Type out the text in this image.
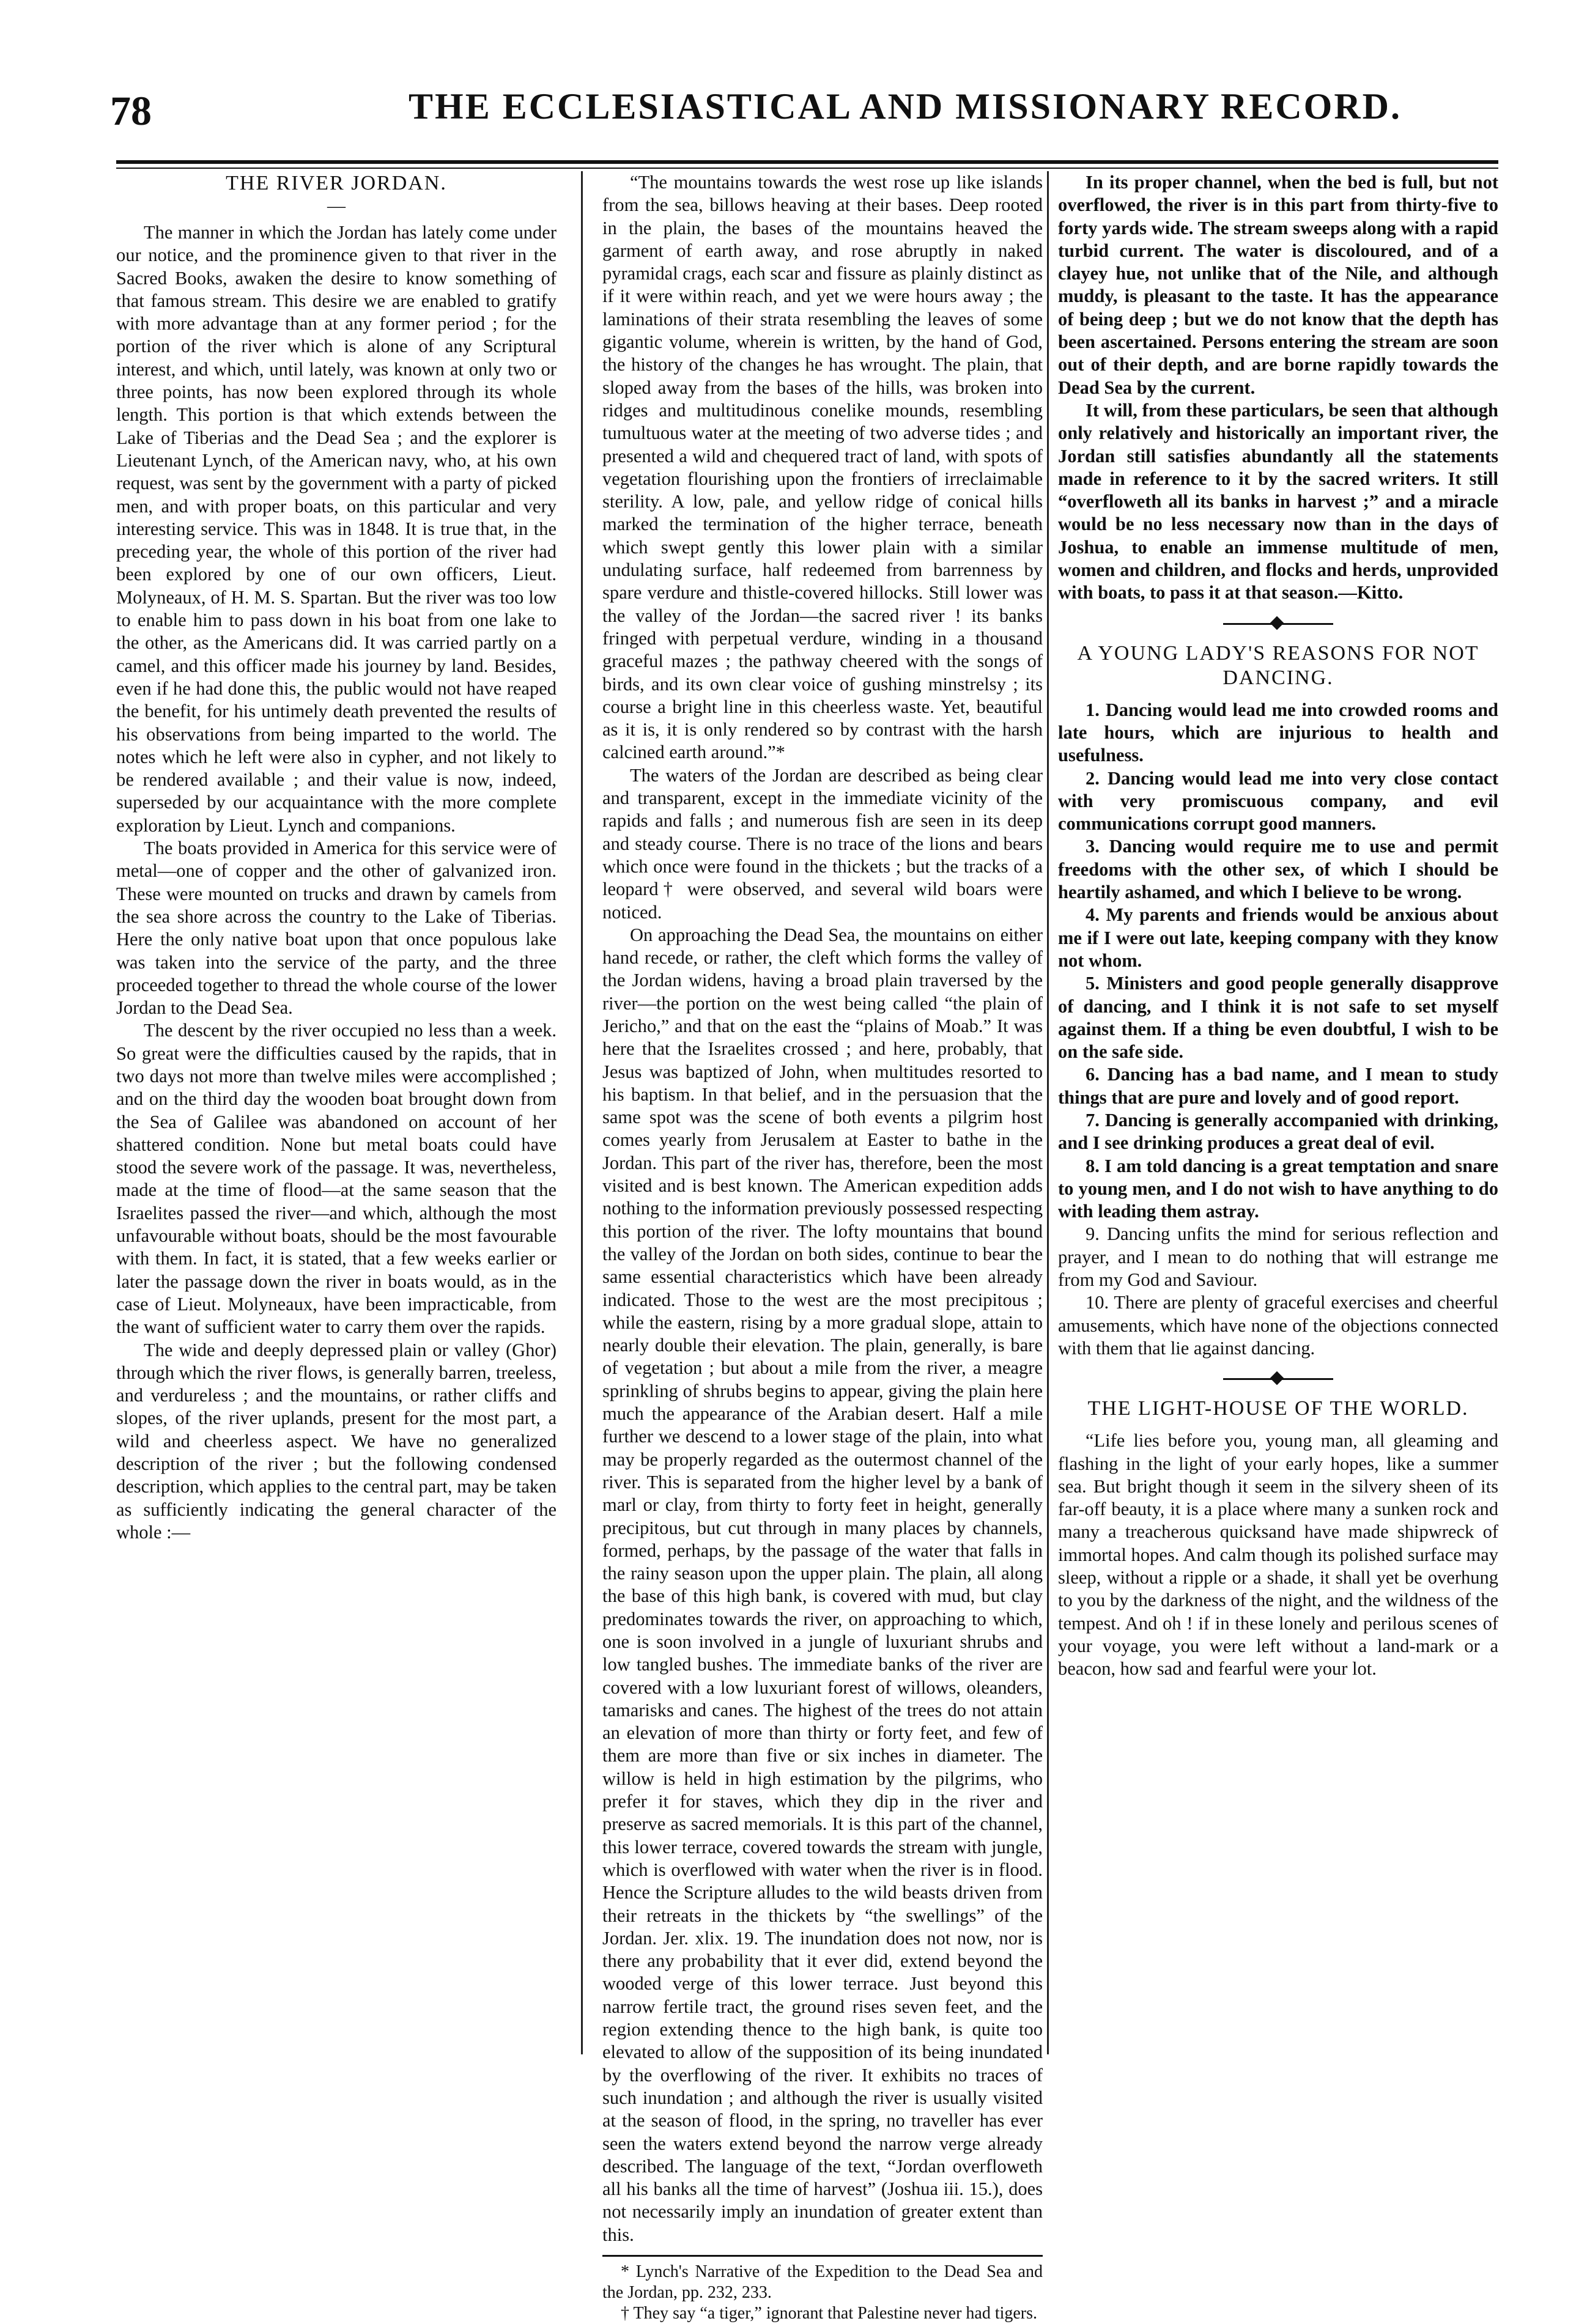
78	THE ECCLESIASTICAL AND MISSIONARY RECORD.
THE RIVER JORDAN.
—

The manner in which the Jordan has lately come under our notice, and the prominence given to that river in the Sacred Books, awaken the desire to know something of that famous stream. This desire we are enabled to gratify with more advantage than at any former period ; for the portion of the river which is alone of any Scriptural interest, and which, until lately, was known at only two or three points, has now been explored through its whole length. This portion is that which extends between the Lake of Tiberias and the Dead Sea ; and the explorer is Lieutenant Lynch, of the American navy, who, at his own request, was sent by the government with a party of picked men, and with proper boats, on this particular and very interesting service. This was in 1848. It is true that, in the preceding year, the whole of this portion of the river had been explored by one of our own officers, Lieut. Molyneaux, of H. M. S. Spartan. But the river was too low to enable him to pass down in his boat from one lake to the other, as the Americans did. It was carried partly on a camel, and this officer made his journey by land. Besides, even if he had done this, the public would not have reaped the benefit, for his untimely death prevented the results of his observations from being imparted to the world. The notes which he left were also in cypher, and not likely to be rendered available ; and their value is now, indeed, superseded by our acquaintance with the more complete exploration by Lieut. Lynch and companions.

The boats provided in America for this service were of metal—one of copper and the other of galvanized iron. These were mounted on trucks and drawn by camels from the sea shore across the country to the Lake of Tiberias. Here the only native boat upon that once populous lake was taken into the service of the party, and the three proceeded together to thread the whole course of the lower Jordan to the Dead Sea.

The descent by the river occupied no less than a week. So great were the difficulties caused by the rapids, that in two days not more than twelve miles were accomplished ; and on the third day the wooden boat brought down from the Sea of Galilee was abandoned on account of her shattered condition. None but metal boats could have stood the severe work of the passage. It was, nevertheless, made at the time of flood—at the same season that the Israelites passed the river—and which, although the most unfavourable without boats, should be the most favourable with them. In fact, it is stated, that a few weeks earlier or later the passage down the river in boats would, as in the case of Lieut. Molyneaux, have been impracticable, from the want of sufficient water to carry them over the rapids.

The wide and deeply depressed plain or valley (Ghor) through which the river flows, is generally barren, treeless, and verdureless ; and the mountains, or rather cliffs and slopes, of the river uplands, present for the most part, a wild and cheerless aspect. We have no generalized description of the river ; but the following condensed description, which applies to the central part, may be taken as sufficiently indicating the general character of the whole :—

“The mountains towards the west rose up like islands from the sea, billows heaving at their bases. Deep rooted in the plain, the bases of the mountains heaved the garment of earth away, and rose abruptly in naked pyramidal crags, each scar and fissure as plainly distinct as if it were within reach, and yet we were hours away ; the laminations of their strata resembling the leaves of some gigantic volume, wherein is written, by the hand of God, the history of the changes he has wrought. The plain, that sloped away from the bases of the hills, was broken into ridges and multitudinous conelike mounds, resembling tumultuous water at the meeting of two adverse tides ; and presented a wild and chequered tract of land, with spots of vegetation flourishing upon the frontiers of irreclaimable sterility. A low, pale, and yellow ridge of conical hills marked the termination of the higher terrace, beneath which swept gently this lower plain with a similar undulating surface, half redeemed from barrenness by spare verdure and thistle-covered hillocks. Still lower was the valley of the Jordan—the sacred river ! its banks fringed with perpetual verdure, winding in a thousand graceful mazes ; the pathway cheered with the songs of birds, and its own clear voice of gushing minstrelsy ; its course a bright line in this cheerless waste. Yet, beautiful as it is, it is only rendered so by contrast with the harsh calcined earth around.”*

The waters of the Jordan are described as being clear and transparent, except in the immediate vicinity of the rapids and falls ; and numerous fish are seen in its deep and steady course. There is no trace of the lions and bears which once were found in the thickets ; but the tracks of a leopard† were observed, and several wild boars were noticed.

On approaching the Dead Sea, the mountains on either hand recede, or rather, the cleft which forms the valley of the Jordan widens, having a broad plain traversed by the river—the portion on the west being called “the plain of Jericho,” and that on the east the “plains of Moab.” It was here that the Israelites crossed ; and here, probably, that Jesus was baptized of John, when multitudes resorted to his baptism. In that belief, and in the persuasion that the same spot was the scene of both events a pilgrim host comes yearly from Jerusalem at Easter to bathe in the Jordan. This part of the river has, therefore, been the most visited and is best known. The American expedition adds nothing to the information previously possessed respecting this portion of the river. The lofty mountains that bound the valley of the Jordan on both sides, continue to bear the same essential characteristics which have been already indicated. Those to the west are the most precipitous ; while the eastern, rising by a more gradual slope, attain to nearly double their elevation. The plain, generally, is bare of vegetation ; but about a mile from the river, a meagre sprinkling of shrubs begins to appear, giving the plain here much the appearance of the Arabian desert. Half a mile further we descend to a lower stage of the plain, into what may be properly regarded as the outermost channel of the river. This is separated from the higher level by a bank of marl or clay, from thirty to forty feet in height, generally precipitous, but cut through in many places by channels, formed, perhaps, by the passage of the water that falls in the rainy season upon the upper plain. The plain, all along the base of this high bank, is covered with mud, but clay predominates towards the river, on approaching to which, one is soon involved in a jungle of luxuriant shrubs and low tangled bushes. The immediate banks of the river are covered with a low luxuriant forest of willows, oleanders, tamarisks and canes. The highest of the trees do not attain an elevation of more than thirty or forty feet, and few of them are more than five or six inches in diameter. The willow is held in high estimation by the pilgrims, who prefer it for staves, which they dip in the river and preserve as sacred memorials. It is this part of the channel, this lower terrace, covered towards the stream with jungle, which is overflowed with water when the river is in flood. Hence the Scripture alludes to the wild beasts driven from their retreats in the thickets by “the swellings” of the Jordan. Jer. xlix. 19. The inundation does not now, nor is there any probability that it ever did, extend beyond the wooded verge of this lower terrace. Just beyond this narrow fertile tract, the ground rises seven feet, and the region extending thence to the high bank, is quite too elevated to allow of the supposition of its being inundated by the overflowing of the river. It exhibits no traces of such inundation ; and although the river is usually visited at the season of flood, in the spring, no traveller has ever seen the waters extend beyond the narrow verge already described. The language of the text, “Jordan overfloweth all his banks all the time of harvest” (Joshua iii. 15.), does not necessarily imply an inundation of greater extent than this.

* Lynch's Narrative of the Expedition to the Dead Sea and the Jordan, pp. 232, 233.

† They say “a tiger,” ignorant that Palestine never had tigers.

In its proper channel, when the bed is full, but not overflowed, the river is in this part from thirty-five to forty yards wide. The stream sweeps along with a rapid turbid current. The water is discoloured, and of a clayey hue, not unlike that of the Nile, and although muddy, is pleasant to the taste. It has the appearance of being deep ; but we do not know that the depth has been ascertained. Persons entering the stream are soon out of their depth, and are borne rapidly towards the Dead Sea by the current.

It will, from these particulars, be seen that although only relatively and historically an important river, the Jordan still satisfies abundantly all the statements made in reference to it by the sacred writers. It still “overfloweth all its banks in harvest ;” and a miracle would be no less necessary now than in the days of Joshua, to enable an immense multitude of men, women and children, and flocks and herds, unprovided with boats, to pass it at that season.—Kitto.

A YOUNG LADY'S REASONS FOR NOT DANCING.

1. Dancing would lead me into crowded rooms and late hours, which are injurious to health and usefulness.

2. Dancing would lead me into very close contact with very promiscuous company, and evil communications corrupt good manners.

3. Dancing would require me to use and permit freedoms with the other sex, of which I should be heartily ashamed, and which I believe to be wrong.

4. My parents and friends would be anxious about me if I were out late, keeping company with they know not whom.

5. Ministers and good people generally disapprove of dancing, and I think it is not safe to set myself against them. If a thing be even doubtful, I wish to be on the safe side.

6. Dancing has a bad name, and I mean to study things that are pure and lovely and of good report.

7. Dancing is generally accompanied with drinking, and I see drinking produces a great deal of evil.

8. I am told dancing is a great temptation and snare to young men, and I do not wish to have anything to do with leading them astray.

9. Dancing unfits the mind for serious reflection and prayer, and I mean to do nothing that will estrange me from my God and Saviour.

10. There are plenty of graceful exercises and cheerful amusements, which have none of the objections connected with them that lie against dancing.

THE LIGHT-HOUSE OF THE WORLD.

“Life lies before you, young man, all gleaming and flashing in the light of your early hopes, like a summer sea. But bright though it seem in the silvery sheen of its far-off beauty, it is a place where many a sunken rock and many a treacherous quicksand have made shipwreck of immortal hopes. And calm though its polished surface may sleep, without a ripple or a shade, it shall yet be overhung to you by the darkness of the night, and the wildness of the tempest. And oh ! if in these lonely and perilous scenes of your voyage, you were left without a land-mark or a beacon, how sad and fearful were your lot.
